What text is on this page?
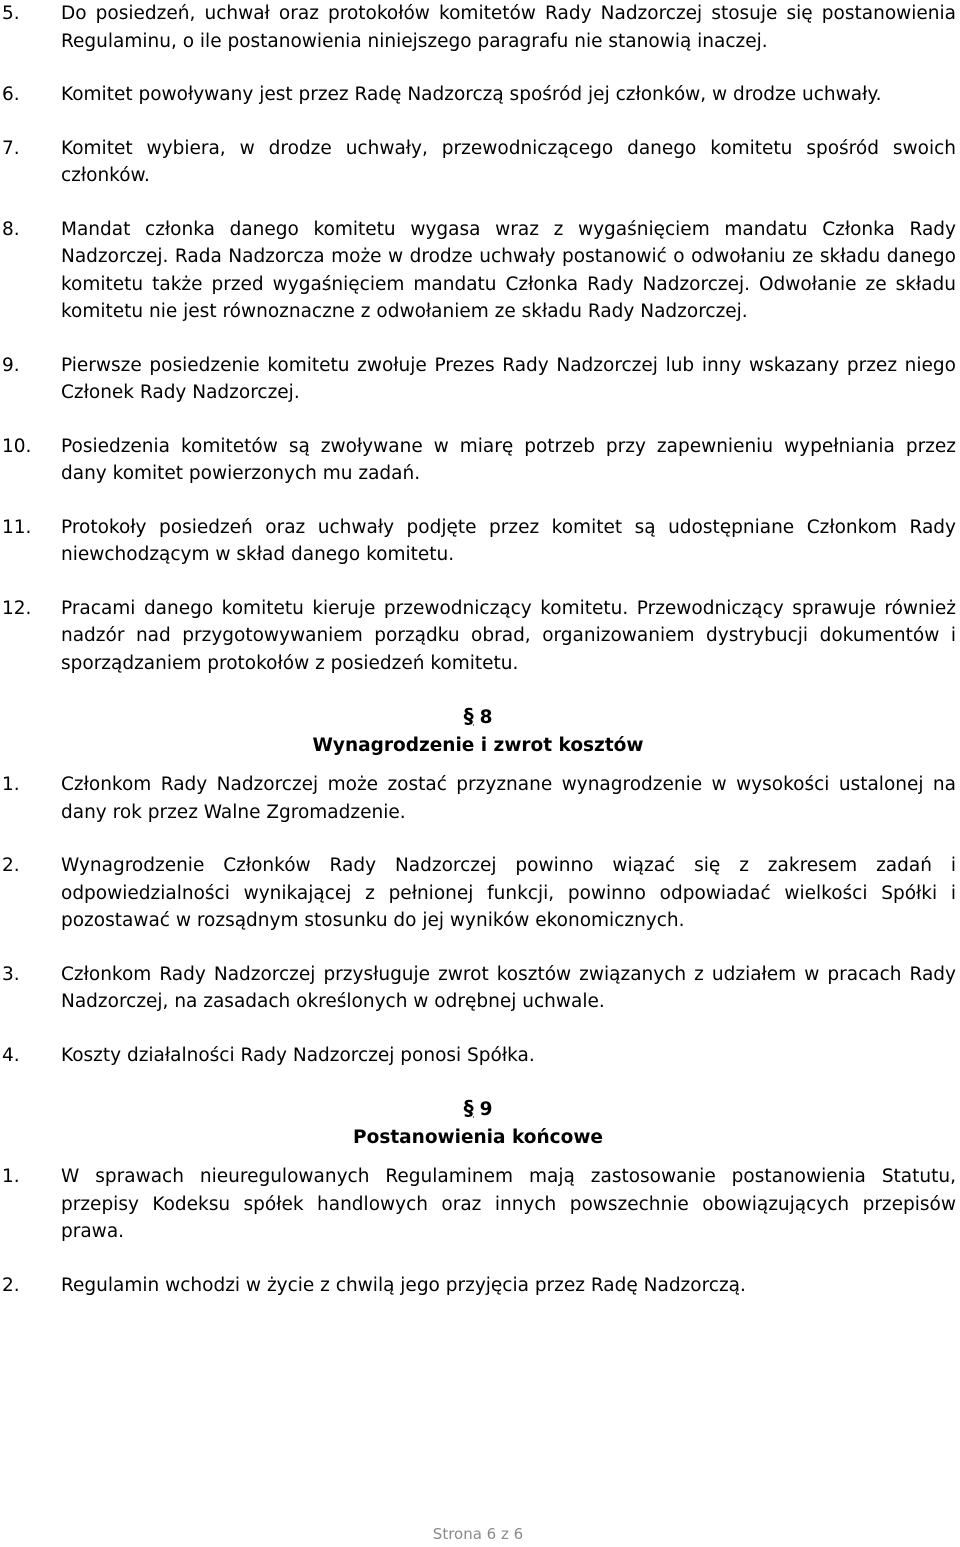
5.	Do posiedzeń, uchwał oraz protokołów komitetów Rady Nadzorczej stosuje się postanowienia Regulaminu, o ile postanowienia niniejszego paragrafu nie stanowią inaczej.
6.	Komitet powoływany jest przez Radę Nadzorczą spośród jej członków, w drodze uchwały.
7.	Komitet wybiera, w drodze uchwały, przewodniczącego danego komitetu spośród swoich członków.
8.	Mandat członka danego komitetu wygasa wraz z wygaśnięciem mandatu Członka Rady Nadzorczej. Rada Nadzorcza może w drodze uchwały postanowić o odwołaniu ze składu danego komitetu także przed wygaśnięciem mandatu Członka Rady Nadzorczej. Odwołanie ze składu komitetu nie jest równoznaczne z odwołaniem ze składu Rady Nadzorczej.
9.	Pierwsze posiedzenie komitetu zwołuje Prezes Rady Nadzorczej lub inny wskazany przez niego Członek Rady Nadzorczej.
10.	Posiedzenia komitetów są zwoływane w miarę potrzeb przy zapewnieniu wypełniania przez dany komitet powierzonych mu zadań.
11.	Protokoły posiedzeń oraz uchwały podjęte przez komitet są udostępniane Członkom Rady niewchodzącym w skład danego komitetu.
12.	Pracami danego komitetu kieruje przewodniczący komitetu. Przewodniczący sprawuje również nadzór nad przygotowywaniem porządku obrad, organizowaniem dystrybucji dokumentów i sporządzaniem protokołów z posiedzeń komitetu.
§ 8
Wynagrodzenie i zwrot kosztów
1.	Członkom Rady Nadzorczej może zostać przyznane wynagrodzenie w wysokości ustalonej na dany rok przez Walne Zgromadzenie.
2.	Wynagrodzenie Członków Rady Nadzorczej powinno wiązać się z zakresem zadań i odpowiedzialności wynikającej z pełnionej funkcji, powinno odpowiadać wielkości Spółki i pozostawać w rozsądnym stosunku do jej wyników ekonomicznych.
3.	Członkom Rady Nadzorczej przysługuje zwrot kosztów związanych z udziałem w pracach Rady Nadzorczej, na zasadach określonych w odrębnej uchwale.
4.	Koszty działalności Rady Nadzorczej ponosi Spółka.
§ 9
Postanowienia końcowe
1.	W sprawach nieuregulowanych Regulaminem mają zastosowanie postanowienia Statutu, przepisy Kodeksu spółek handlowych oraz innych powszechnie obowiązujących przepisów prawa.
2.	Regulamin wchodzi w życie z chwilą jego przyjęcia przez Radę Nadzorczą.
Strona 6 z 6
